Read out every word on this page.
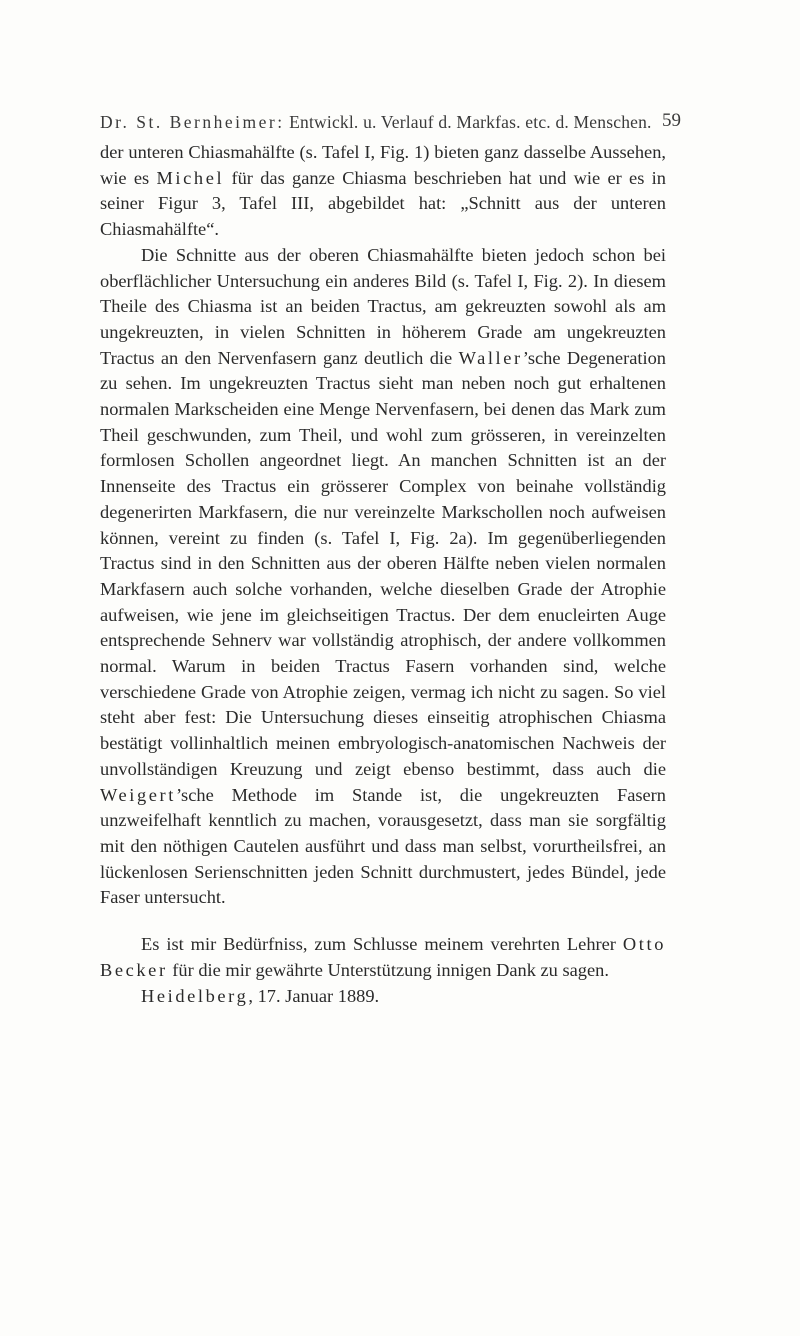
Dr. St. Bernheimer: Entwickl. u. Verlauf d. Markfas. etc. d. Menschen. 59

der unteren Chiasmahälfte (s. Tafel I, Fig. 1) bieten ganz dasselbe Aussehen, wie es Michel für das ganze Chiasma beschrieben hat und wie er es in seiner Figur 3, Tafel III, abgebildet hat: „Schnitt aus der unteren Chiasmahälfte“.

Die Schnitte aus der oberen Chiasmahälfte bieten jedoch schon bei oberflächlicher Untersuchung ein anderes Bild (s. Tafel I, Fig. 2). In diesem Theile des Chiasma ist an beiden Tractus, am gekreuzten sowohl als am ungekreuzten, in vielen Schnitten in höherem Grade am ungekreuzten Tractus an den Nervenfasern ganz deutlich die Waller’sche Degeneration zu sehen. Im ungekreuzten Tractus sieht man neben noch gut erhaltenen normalen Markscheiden eine Menge Nervenfasern, bei denen das Mark zum Theil geschwunden, zum Theil, und wohl zum grösseren, in vereinzelten formlosen Schollen angeordnet liegt. An manchen Schnitten ist an der Innenseite des Tractus ein grösserer Complex von beinahe vollständig degenerirten Markfasern, die nur vereinzelte Markschollen noch aufweisen können, vereint zu finden (s. Tafel I, Fig. 2a). Im gegenüberliegenden Tractus sind in den Schnitten aus der oberen Hälfte neben vielen normalen Markfasern auch solche vorhanden, welche dieselben Grade der Atrophie aufweisen, wie jene im gleichseitigen Tractus. Der dem enucleirten Auge entsprechende Sehnerv war vollständig atrophisch, der andere vollkommen normal. Warum in beiden Tractus Fasern vorhanden sind, welche verschiedene Grade von Atrophie zeigen, vermag ich nicht zu sagen. So viel steht aber fest: Die Untersuchung dieses einseitig atrophischen Chiasma bestätigt vollinhaltlich meinen embryologisch-anatomischen Nachweis der unvollständigen Kreuzung und zeigt ebenso bestimmt, dass auch die Weigert’sche Methode im Stande ist, die ungekreuzten Fasern unzweifelhaft kenntlich zu machen, vorausgesetzt, dass man sie sorgfältig mit den nöthigen Cautelen ausführt und dass man selbst, vorurtheilsfrei, an lückenlosen Serienschnitten jeden Schnitt durchmustert, jedes Bündel, jede Faser untersucht.

Es ist mir Bedürfniss, zum Schlusse meinem verehrten Lehrer Otto Becker für die mir gewährte Unterstützung innigen Dank zu sagen.

Heidelberg, 17. Januar 1889.
